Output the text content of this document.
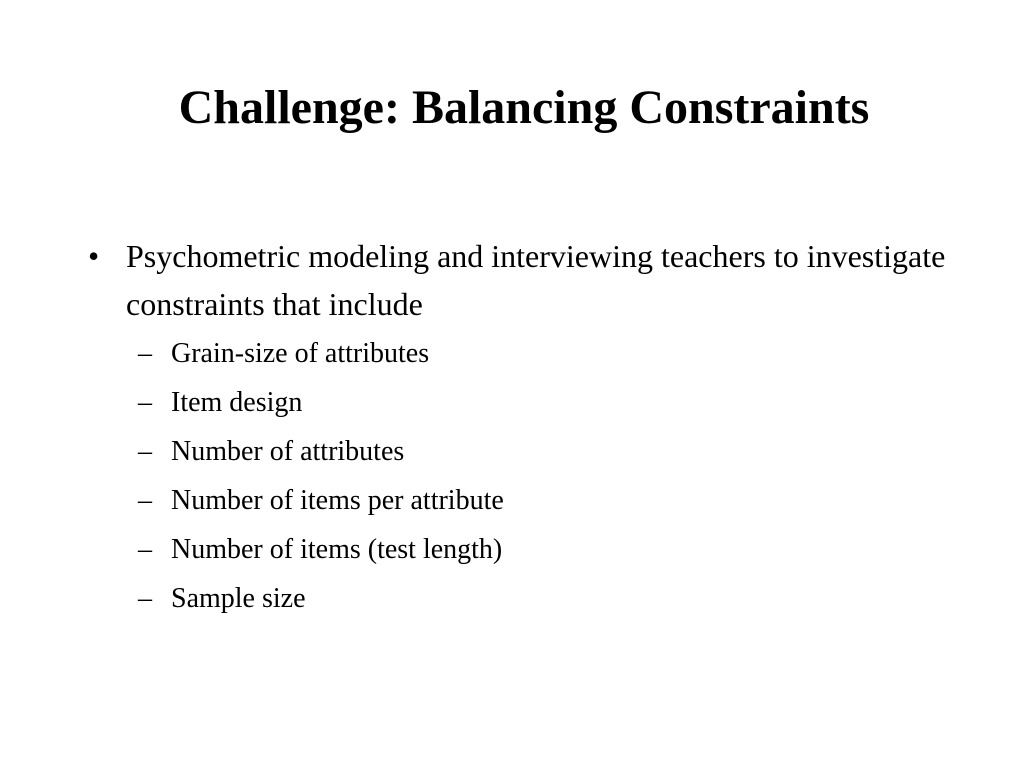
Challenge: Balancing Constraints
• Psychometric modeling and interviewing teachers to investigate constraints that include
– Grain-size of attributes
– Item design
– Number of attributes
– Number of items per attribute
– Number of items (test length)
– Sample size
